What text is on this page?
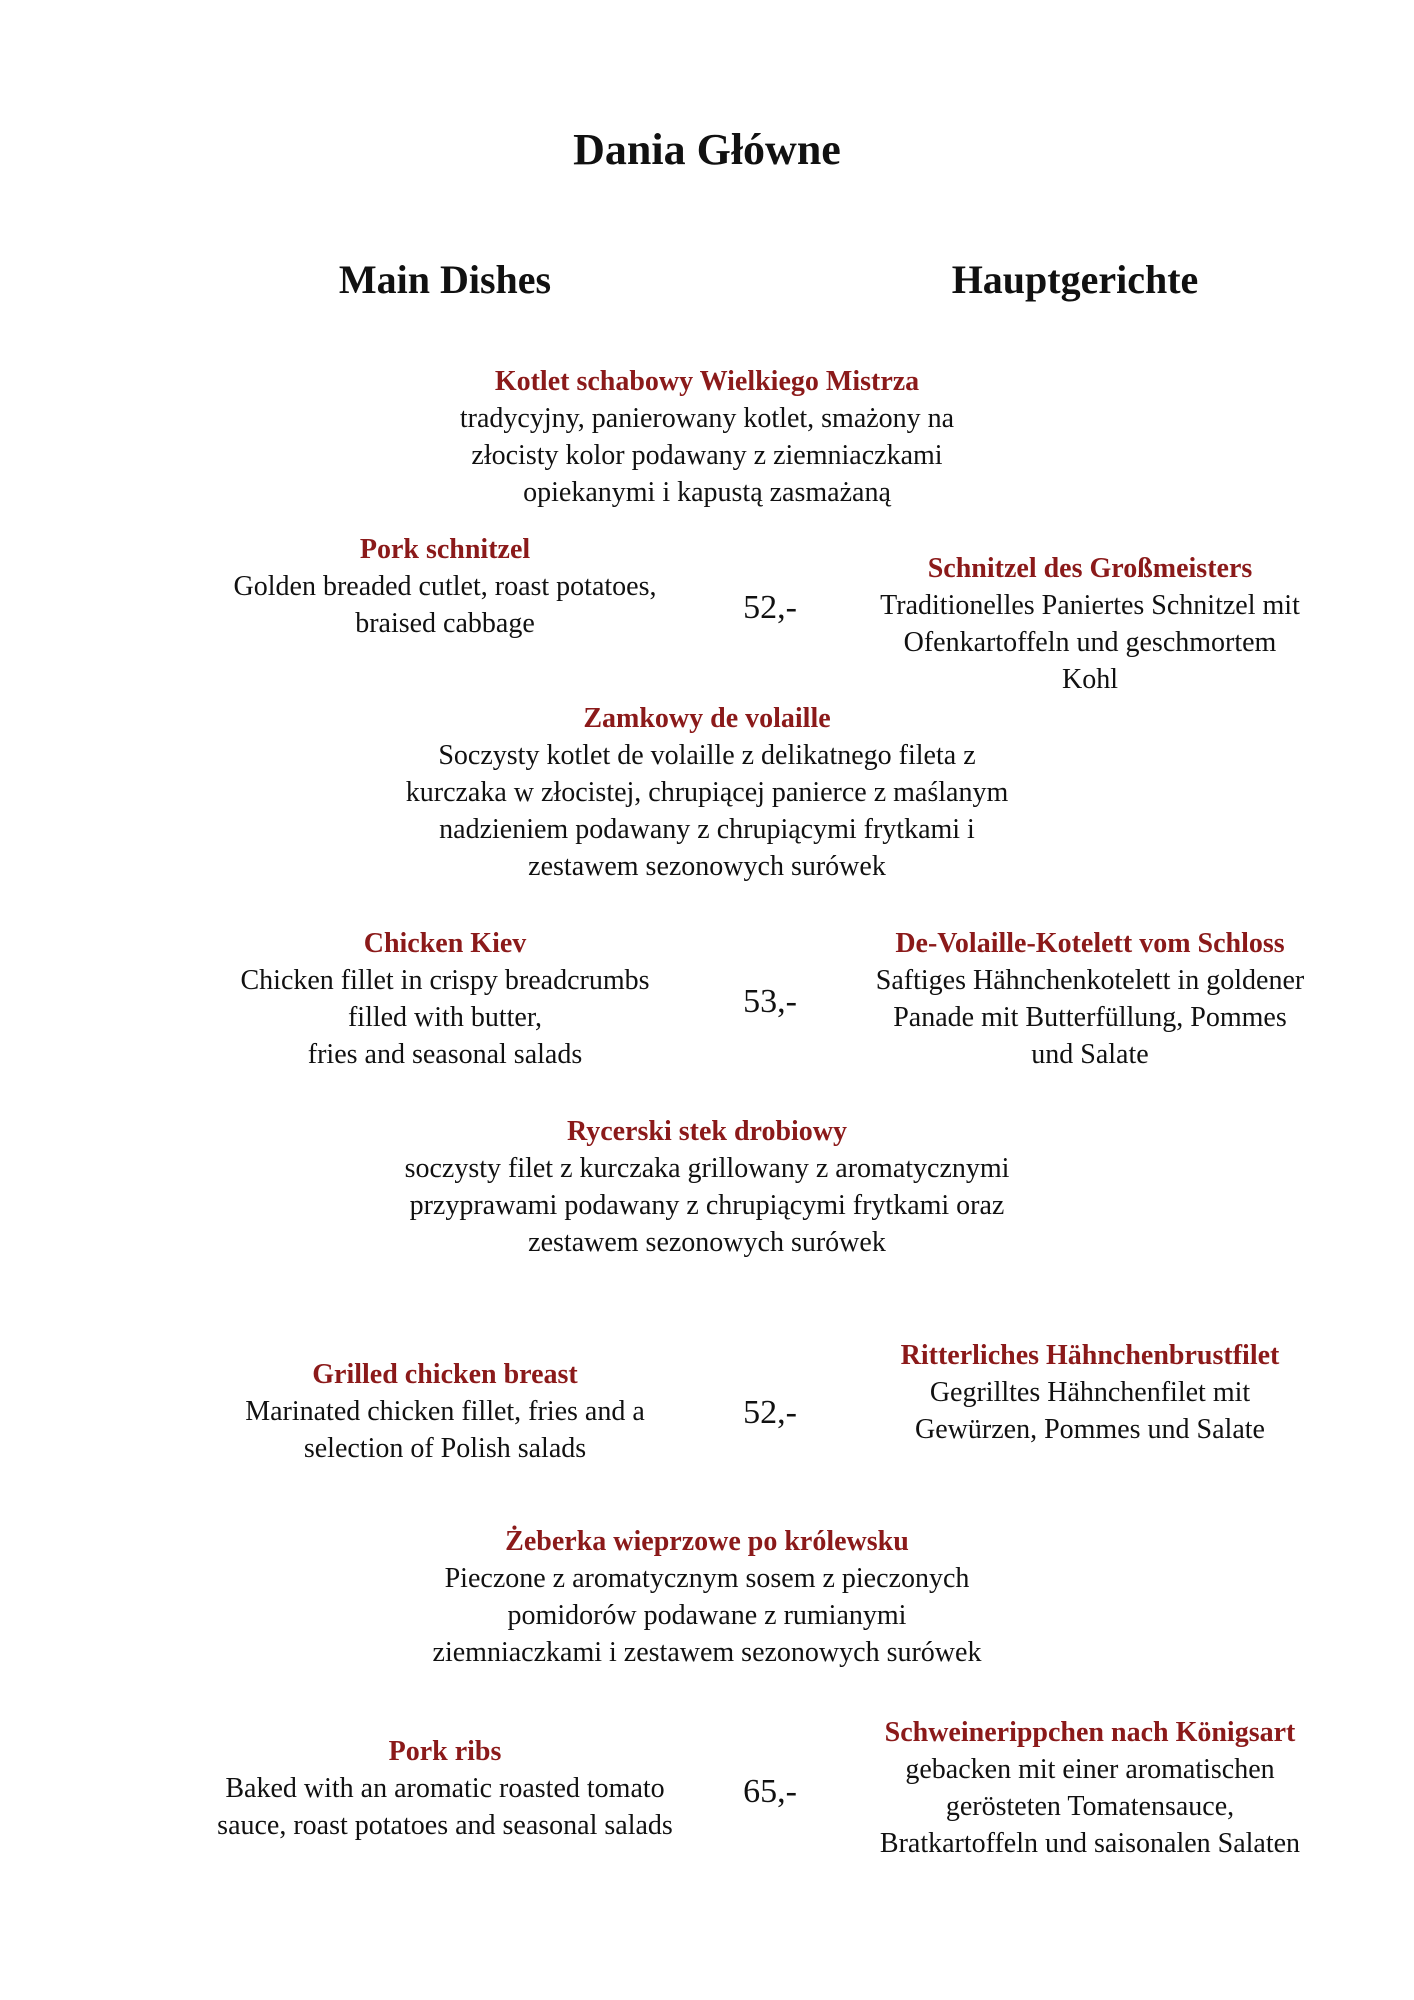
Dania Główne
Main Dishes	Hauptgerichte
Kotlet schabowy Wielkiego Mistrza
tradycyjny, panierowany kotlet, smażony na
złocisty kolor podawany z ziemniaczkami
opiekanymi i kapustą zasmażaną
Pork schnitzel
Golden breaded cutlet, roast potatoes,
braised cabbage	52,-
Schnitzel des Großmeisters
Traditionelles Paniertes Schnitzel mit
Ofenkartoffeln und geschmortem
Kohl
Zamkowy de volaille
Soczysty kotlet de volaille z delikatnego fileta z
kurczaka w złocistej, chrupiącej panierce z maślanym
nadzieniem podawany z chrupiącymi frytkami i
zestawem sezonowych surówek
Chicken Kiev
Chicken fillet in crispy breadcrumbs
filled with butter,
fries and seasonal salads
53,-
De-Volaille-Kotelett vom Schloss
Saftiges Hähnchenkotelett in goldener
Panade mit Butterfüllung, Pommes
und Salate
Rycerski stek drobiowy
soczysty filet z kurczaka grillowany z aromatycznymi
przyprawami podawany z chrupiącymi frytkami oraz
zestawem sezonowych surówek
Grilled chicken breast
Marinated chicken fillet, fries and a
selection of Polish salads
52,-
Ritterliches Hähnchenbrustfilet
Gegrilltes Hähnchenfilet mit
Gewürzen, Pommes und Salate
Żeberka wieprzowe po królewsku
Pieczone z aromatycznym sosem z pieczonych
pomidorów podawane z rumianymi
ziemniaczkami i zestawem sezonowych surówek
Pork ribs
Baked with an aromatic roasted tomato
sauce, roast potatoes and seasonal salads
65,-
Schweinerippchen nach Königsart
gebacken mit einer aromatischen
gerösteten Tomatensauce,
Bratkartoffeln und saisonalen Salaten
